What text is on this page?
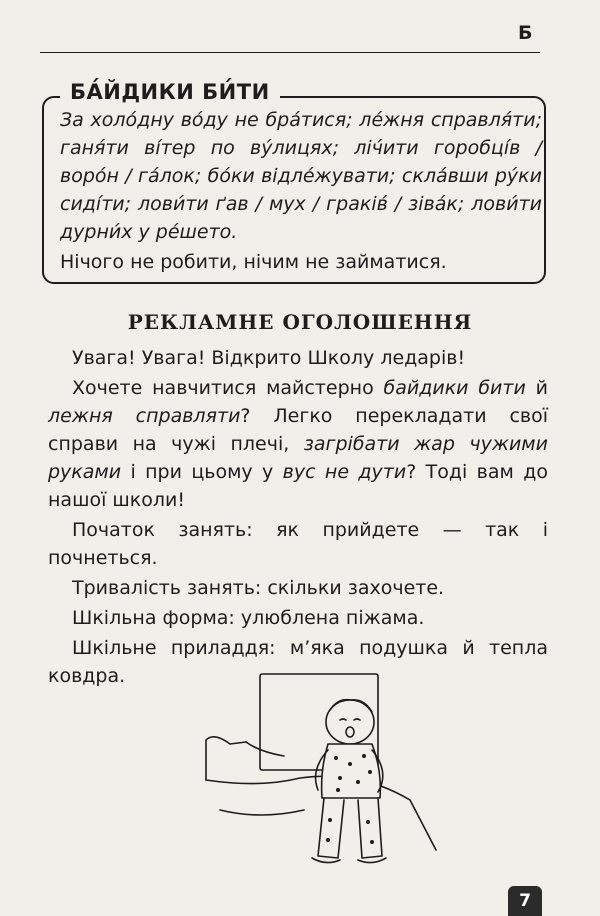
Б
БА́ЙДИКИ БИ́ТИ
За холо́дну во́ду не бра́тися; ле́жня справля́ти; ганя́ти ві́тер по ву́лицях; ліч́ити горобці́в / воро́н / га́лок; бо́ки відле́жувати; скла́вши ру́ки сиді́ти; лови́ти ґав / мух / граків́ / зіва́к; лови́ти дурни́х у ре́шето.
Нічого не робити, нічим не займатися.
РЕКЛАМНЕ ОГОЛОШЕННЯ

Увага! Увага! Відкрито Школу ледарів!

Хочете навчитися майстерно байдики бити й лежня справляти? Легко перекладати свої справи на чужі плечі, загрібати жар чужими руками і при цьому у вус не дути? Тоді вам до нашої школи!

Початок занять: як прийдете — так і почнеться.

Тривалість занять: скільки захочете.

Шкільна форма: улюблена піжама.

Шкільне приладдя: м’яка подушка й тепла ковдра.

7
